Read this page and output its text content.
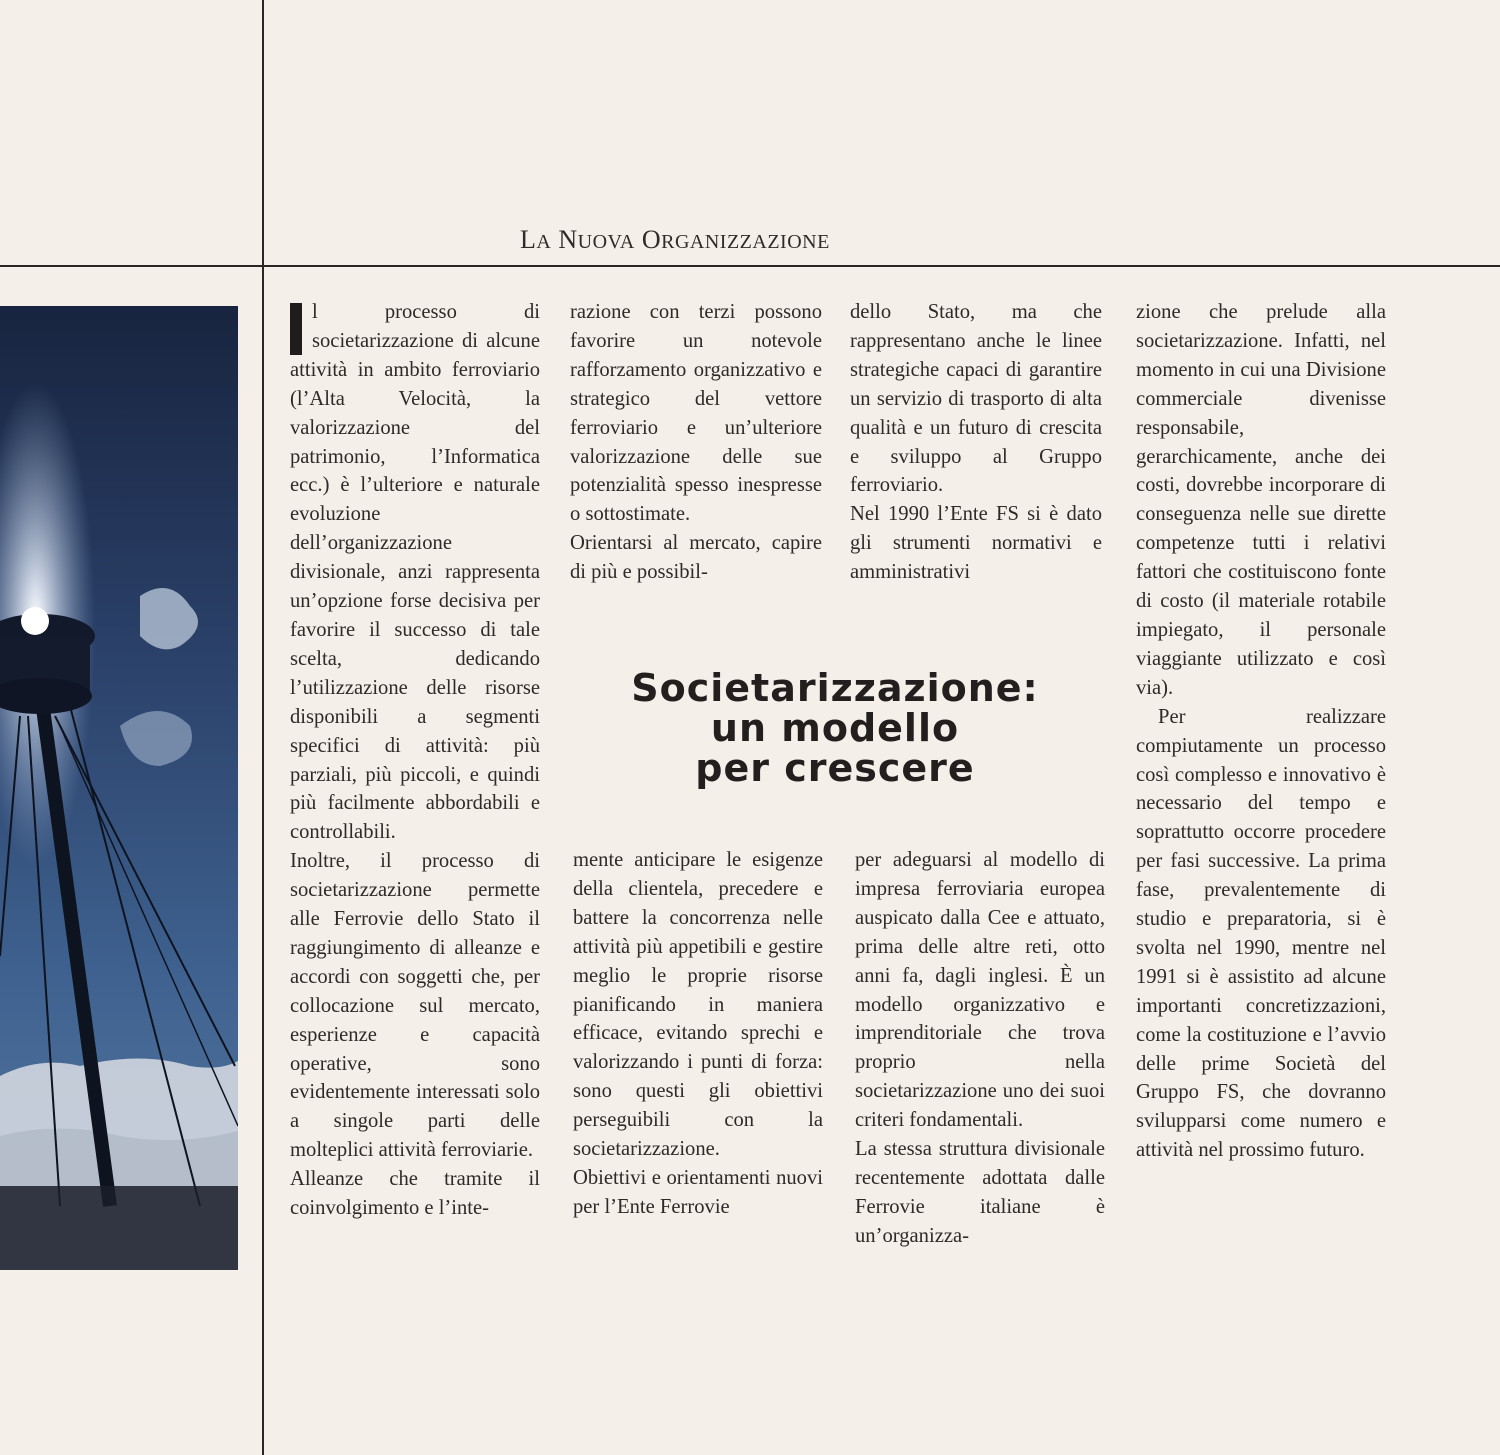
LA NUOVA ORGANIZZAZIONE

l processo di societarizzazione di alcune attività in ambito ferroviario (l’Alta Velocità, la valorizzazione del patrimonio, l’Informatica ecc.) è l’ulteriore e naturale evoluzione dell’organizzazione divisionale, anzi rappresenta un’opzione forse decisiva per favorire il successo di tale scelta, dedicando l’utilizzazione delle risorse disponibili a segmenti specifici di attività: più parziali, più piccoli, e quindi più facilmente abbordabili e controllabili.

Inoltre, il processo di societarizzazione permette alle Ferrovie dello Stato il raggiungimento di alleanze e accordi con soggetti che, per collocazione sul mercato, esperienze e capacità operative, sono evidentemente interessati solo a singole parti delle molteplici attività ferroviarie.

Alleanze che tramite il coinvolgimento e l’inte-

razione con terzi possono favorire un notevole rafforzamento organizzativo e strategico del vettore ferroviario e un’ulteriore valorizzazione delle sue potenzialità spesso inespresse o sottostimate.

Orientarsi al mercato, capire di più e possibil-

dello Stato, ma che rappresentano anche le linee strategiche capaci di garantire un servizio di trasporto di alta qualità e un futuro di crescita e sviluppo al Gruppo ferroviario.

Nel 1990 l’Ente FS si è dato gli strumenti normativi e amministrativi

Societarizzazione:
un modello
per crescere

mente anticipare le esigenze della clientela, precedere e battere la concorrenza nelle attività più appetibili e gestire meglio le proprie risorse pianificando in maniera efficace, evitando sprechi e valorizzando i punti di forza: sono questi gli obiettivi perseguibili con la societarizzazione.

Obiettivi e orientamenti nuovi per l’Ente Ferrovie

per adeguarsi al modello di impresa ferroviaria europea auspicato dalla Cee e attuato, prima delle altre reti, otto anni fa, dagli inglesi. È un modello organizzativo e imprenditoriale che trova proprio nella societarizzazione uno dei suoi criteri fondamentali.

La stessa struttura divisionale recentemente adottata dalle Ferrovie italiane è un’organizza-

zione che prelude alla societarizzazione. Infatti, nel momento in cui una Divisione commerciale divenisse responsabile, gerarchicamente, anche dei costi, dovrebbe incorporare di conseguenza nelle sue dirette competenze tutti i relativi fattori che costituiscono fonte di costo (il materiale rotabile impiegato, il personale viaggiante utilizzato e così via).

Per realizzare compiutamente un processo così complesso e innovativo è necessario del tempo e soprattutto occorre procedere per fasi successive. La prima fase, prevalentemente di studio e preparatoria, si è svolta nel 1990, mentre nel 1991 si è assistito ad alcune importanti concretizzazioni, come la costituzione e l’avvio delle prime Società del Gruppo FS, che dovranno svilupparsi come numero e attività nel prossimo futuro.
